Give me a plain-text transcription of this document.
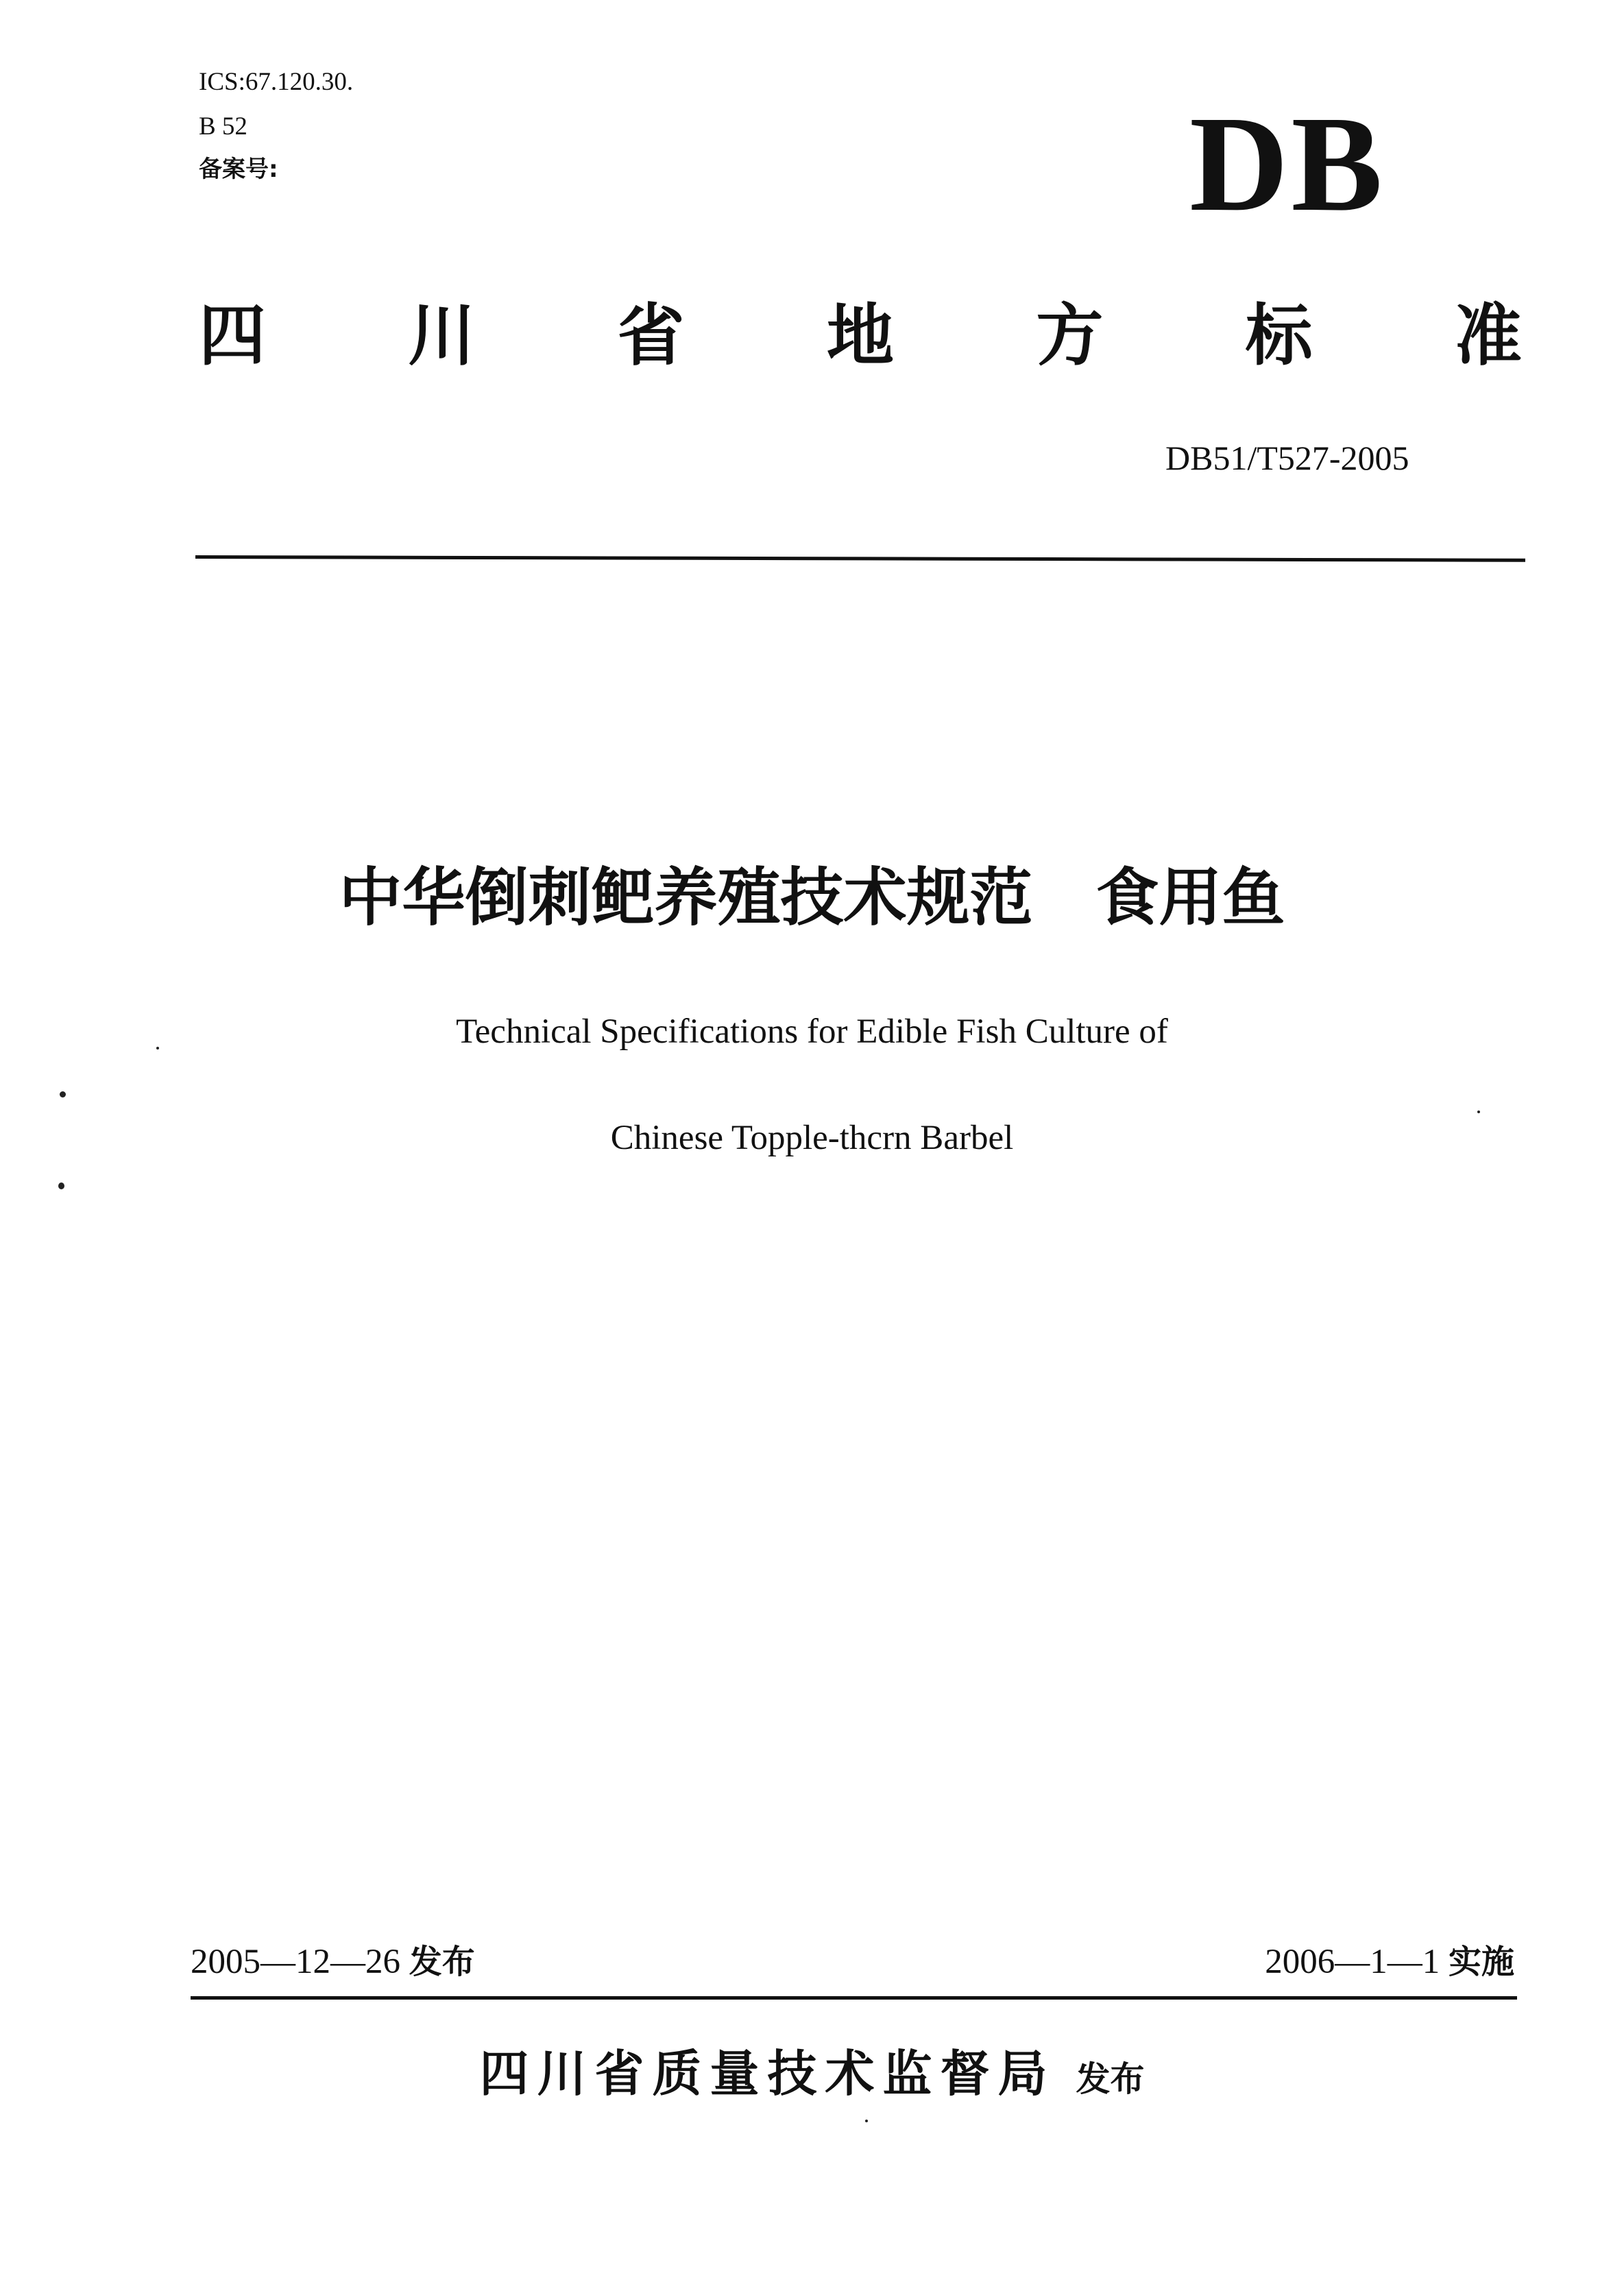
ICS:67.120.30.
B 52
备案号:	DB
四 川 省 地 方 标 准
DB51/T527-2005
中华倒刺鲃养殖技术规范　食用鱼
Technical Specifications for Edible Fish Culture of
Chinese Topple-thcrn Barbel
2005—12—26 发布	2006—1—1 实施
四川省质量技术监督局 发布
